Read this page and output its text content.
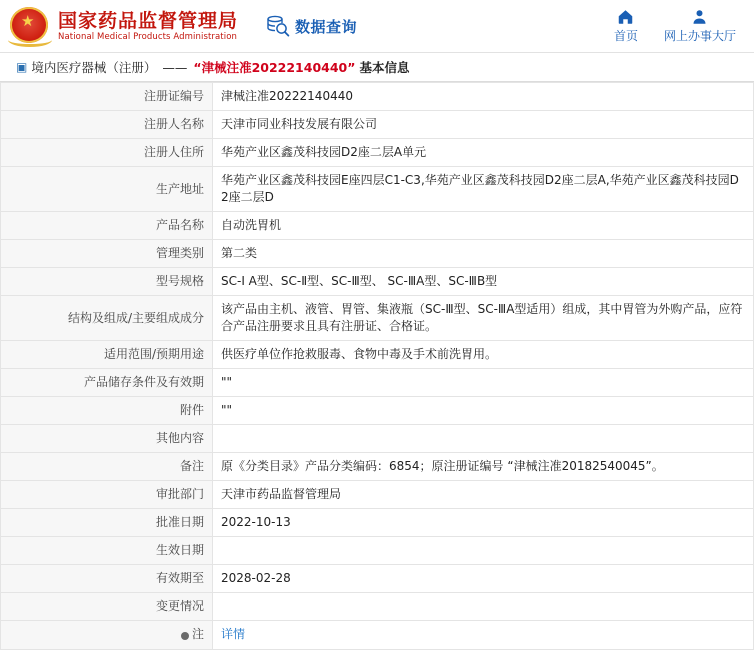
★ 国家药品监督管理局
National Medical Products Administration
数据查询
首页 网上办事大厅
▣ 境内医疗器械（注册） —— “津械注准20222140440” 基本信息
注册证编号	津械注准20222140440
注册人名称	天津市同业科技发展有限公司
注册人住所	华苑产业区鑫茂科技园D2座二层A单元
生产地址	华苑产业区鑫茂科技园E座四层C1-C3,华苑产业区鑫茂科技园D2座二层A,华苑产业区鑫茂科技园D2座二层D
产品名称	自动洗胃机
管理类别	第二类
型号规格	SC-Ⅰ A型、SC-Ⅱ型、SC-Ⅲ型、 SC-ⅢA型、SC-ⅢB型
结构及组成/主要组成成分	该产品由主机、液管、胃管、集液瓶（SC-Ⅲ型、SC-ⅢA型适用）组成，其中胃管为外购产品，应符合产品注册要求且具有注册证、合格证。
适用范围/预期用途	供医疗单位作抢救服毒、食物中毒及手术前洗胃用。
产品储存条件及有效期	""
附件	""
其他内容	
备注	原《分类目录》产品分类编码：6854；原注册证编号 “津械注准20182540045”。
审批部门	天津市药品监督管理局
批准日期	2022-10-13
生效日期	
有效期至	2028-02-28
变更情况	

注	详情
